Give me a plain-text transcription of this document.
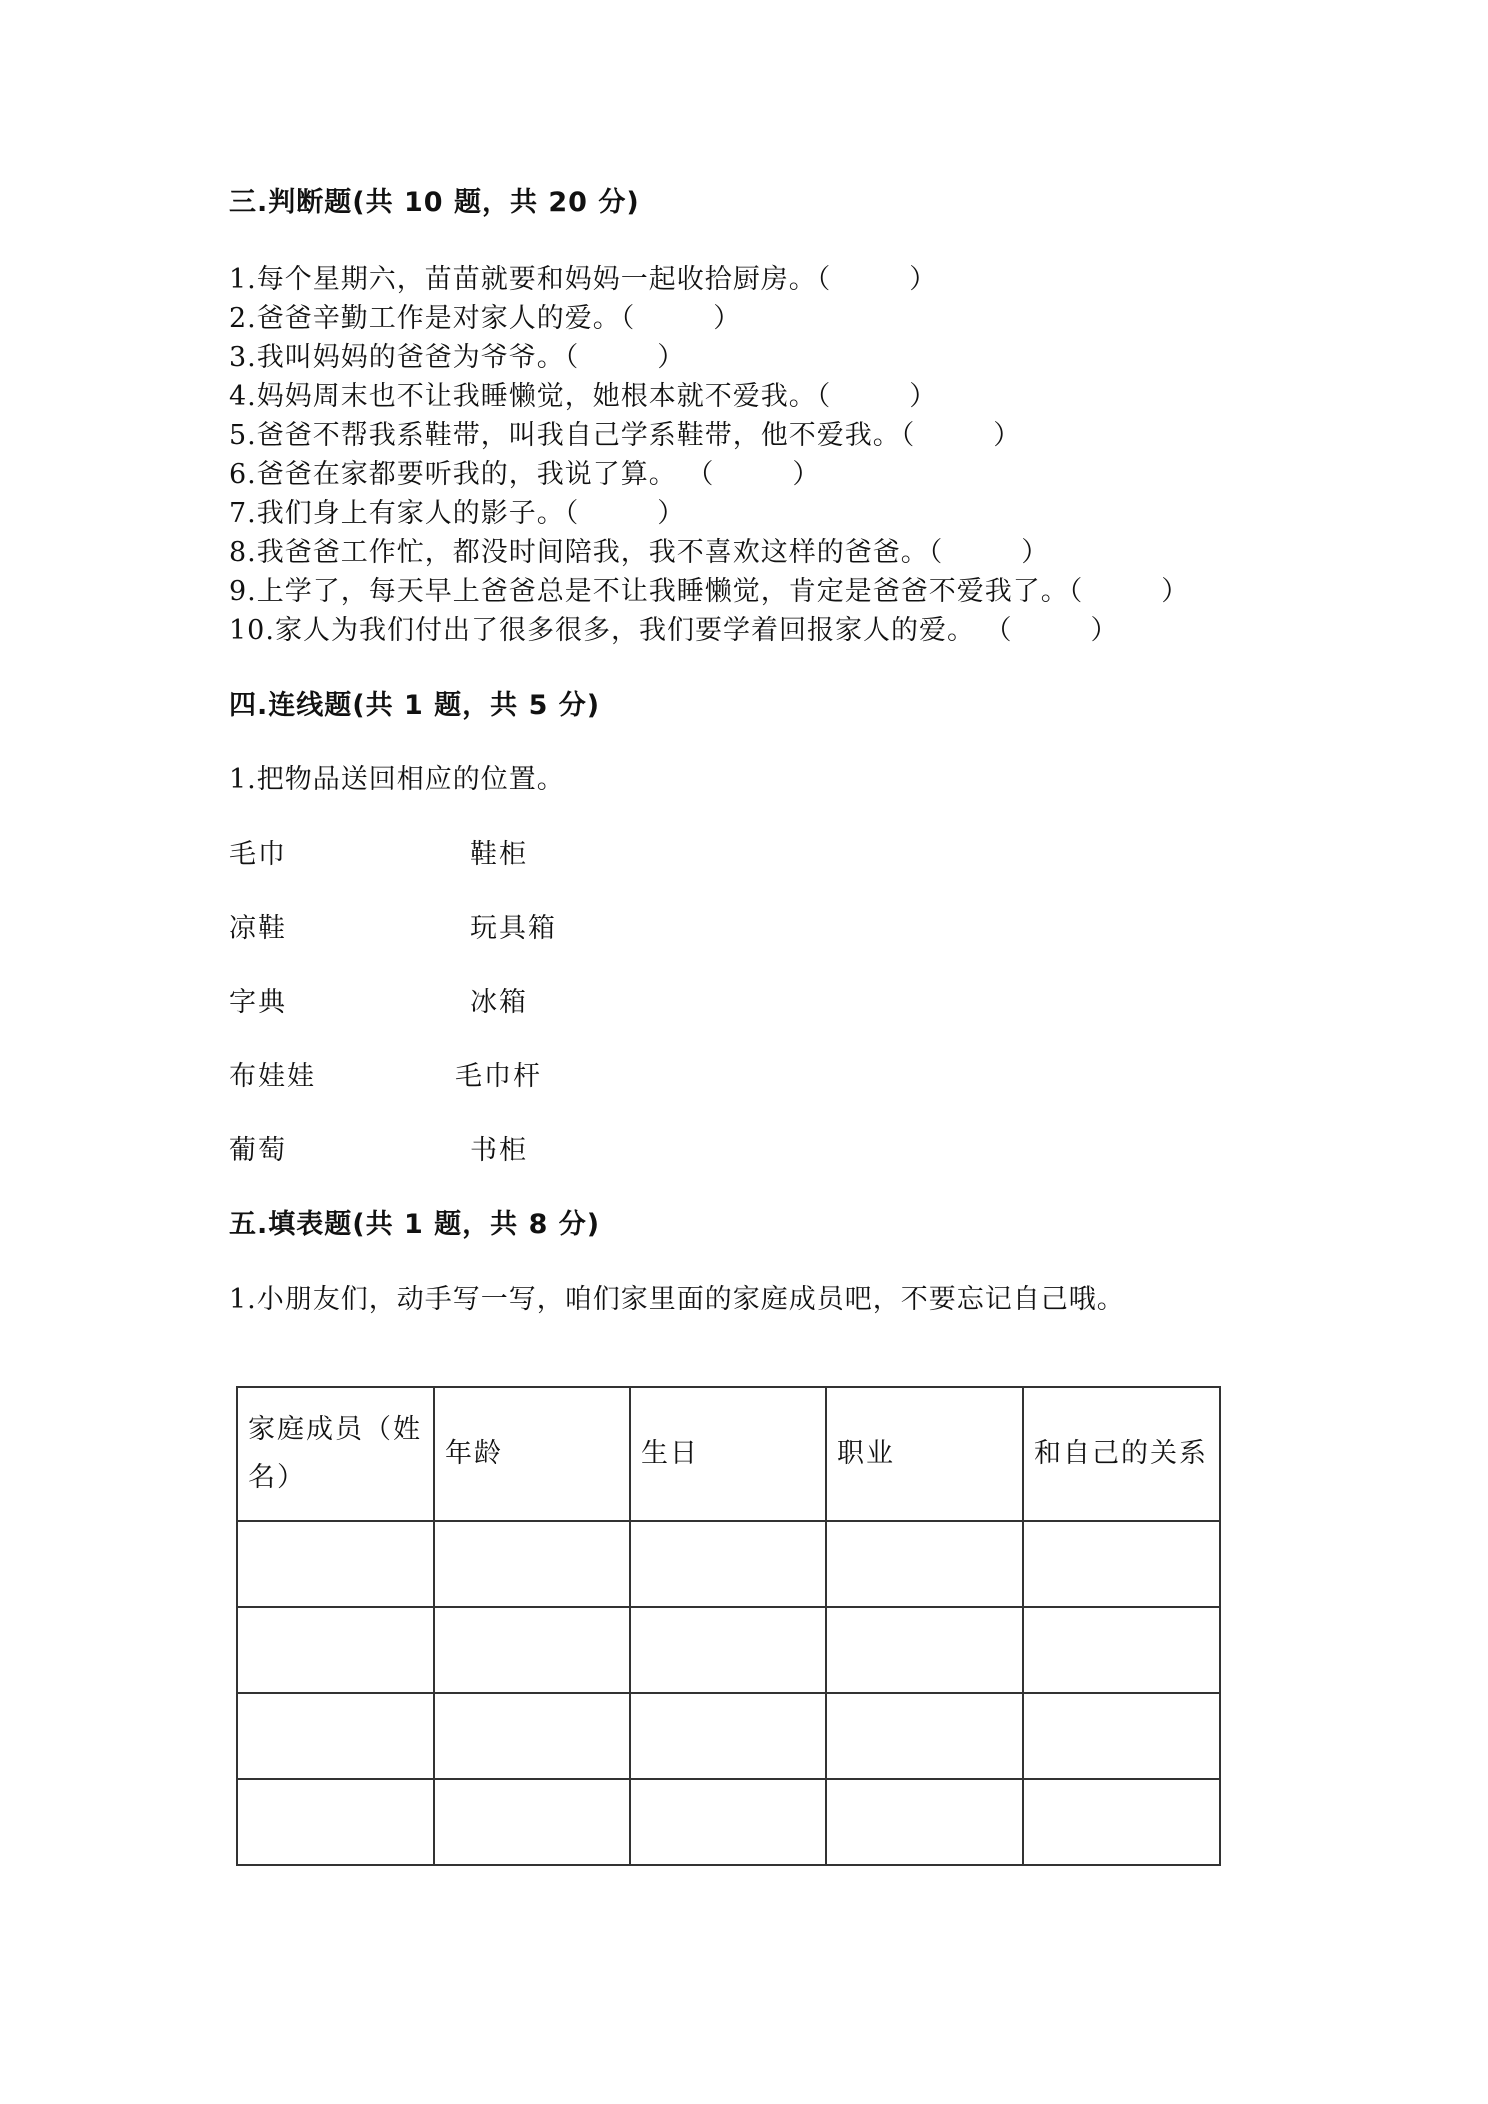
三.判断题(共 10 题，共 20 分)
1.每个星期六，苗苗就要和妈妈一起收拾厨房。（	）
2.爸爸辛勤工作是对家人的爱。（	）
3.我叫妈妈的爸爸为爷爷。（	）
4.妈妈周末也不让我睡懒觉，她根本就不爱我。（	）
5.爸爸不帮我系鞋带，叫我自己学系鞋带，他不爱我。（	）
6.爸爸在家都要听我的，我说了算。 （	）
7.我们身上有家人的影子。（	）
8.我爸爸工作忙，都没时间陪我，我不喜欢这样的爸爸。（	）
9.上学了，每天早上爸爸总是不让我睡懒觉，肯定是爸爸不爱我了。（	）
10.家人为我们付出了很多很多，我们要学着回报家人的爱。 （	）
四.连线题(共 1 题，共 5 分)
1.把物品送回相应的位置。
毛巾	鞋柜
凉鞋	玩具箱
字典	冰箱
布娃娃	毛巾杆
葡萄	书柜
五.填表题(共 1 题，共 8 分)
1.小朋友们，动手写一写，咱们家里面的家庭成员吧，不要忘记自己哦。
家庭成员（姓名）	年龄	生日	职业	和自己的关系
